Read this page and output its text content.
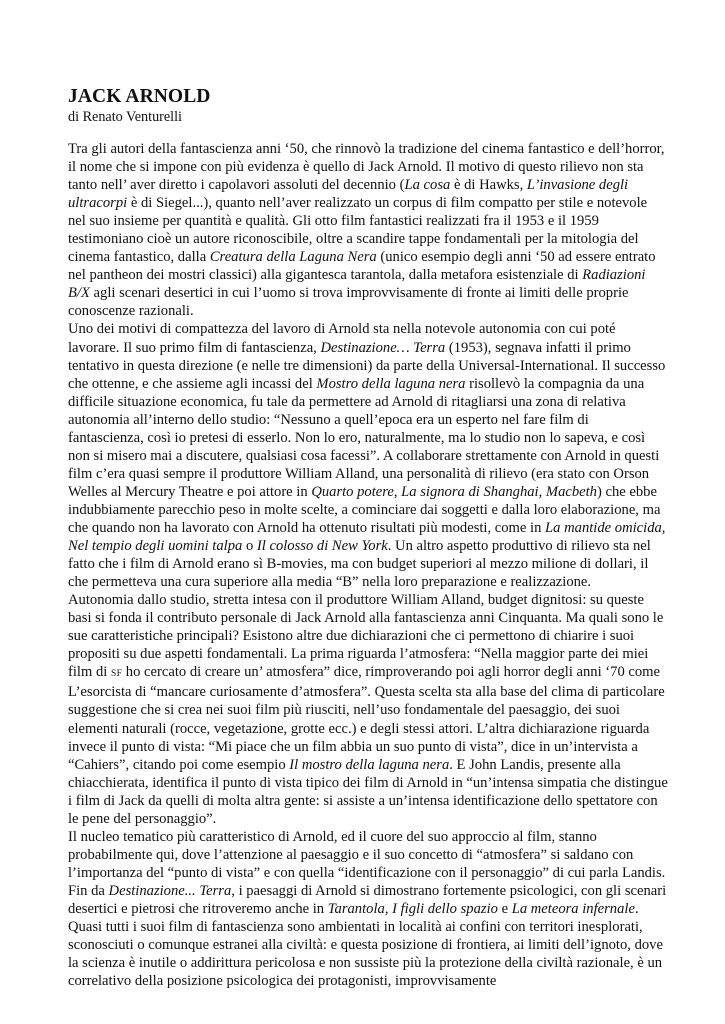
JACK ARNOLD
di Renato Venturelli

Tra gli autori della fantascienza anni ‘50, che rinnovò la tradizione del cinema fantastico e dell’horror, il nome che si impone con più evidenza è quello di Jack Arnold. Il motivo di questo rilievo non sta tanto nell’ aver diretto i capolavori assoluti del decennio (La cosa è di Hawks, L’invasione degli ultracorpi è di Siegel...), quanto nell’aver realizzato un corpus di film compatto per stile e notevole nel suo insieme per quantità e qualità. Gli otto film fantastici realizzati fra il 1953 e il 1959 testimoniano cioè un autore riconoscibile, oltre a scandire tappe fondamentali per la mitologia del cinema fantastico, dalla Creatura della Laguna Nera (unico esempio degli anni ‘50 ad essere entrato nel pantheon dei mostri classici) alla gigantesca tarantola, dalla metafora esistenziale di Radiazioni B/X agli scenari desertici in cui l’uomo si trova improvvisamente di fronte ai limiti delle proprie conoscenze razionali.

Uno dei motivi di compattezza del lavoro di Arnold sta nella notevole autonomia con cui poté lavorare. Il suo primo film di fantascienza, Destinazione… Terra (1953), segnava infatti il primo tentativo in questa direzione (e nelle tre dimensioni) da parte della Universal-International. Il successo che ottenne, e che assieme agli incassi del Mostro della laguna nera risollevò la compagnia da una difficile situazione economica, fu tale da permettere ad Arnold di ritagliarsi una zona di relativa autonomia all’interno dello studio: “Nessuno a quell’epoca era un esperto nel fare film di fantascienza, così io pretesi di esserlo. Non lo ero, naturalmente, ma lo studio non lo sapeva, e così non si misero mai a discutere, qualsiasi cosa facessi”. A collaborare strettamente con Arnold in questi film c’era quasi sempre il produttore William Alland, una personalità di rilievo (era stato con Orson Welles al Mercury Theatre e poi attore in Quarto potere, La signora di Shanghai, Macbeth) che ebbe indubbiamente parecchio peso in molte scelte, a cominciare dai soggetti e dalla loro elaborazione, ma che quando non ha lavorato con Arnold ha ottenuto risultati più modesti, come in La mantide omicida, Nel tempio degli uomini talpa o Il colosso di New York. Un altro aspetto produttivo di rilievo sta nel fatto che i film di Arnold erano sì B-movies, ma con budget superiori al mezzo milione di dollari, il che permetteva una cura superiore alla media “B” nella loro preparazione e realizzazione.

Autonomia dallo studio, stretta intesa con il produttore William Alland, budget dignitosi: su queste basi si fonda il contributo personale di Jack Arnold alla fantascienza anni Cinquanta. Ma quali sono le sue caratteristiche principali? Esistono altre due dichiarazioni che ci permettono di chiarire i suoi propositi su due aspetti fondamentali. La prima riguarda l’atmosfera: “Nella maggior parte dei miei film di SF ho cercato di creare un’ atmosfera” dice, rimproverando poi agli horror degli anni ‘70 come L’esorcista di “mancare curiosamente d’atmosfera”. Questa scelta sta alla base del clima di particolare suggestione che si crea nei suoi film più riusciti, nell’uso fondamentale del paesaggio, dei suoi elementi naturali (rocce, vegetazione, grotte ecc.) e degli stessi attori. L’altra dichiarazione riguarda invece il punto di vista: “Mi piace che un film abbia un suo punto di vista”, dice in un’intervista a “Cahiers”, citando poi come esempio Il mostro della laguna nera. E John Landis, presente alla chiacchierata, identifica il punto di vista tipico dei film di Arnold in “un’intensa simpatia che distingue i film di Jack da quelli di molta altra gente: si assiste a un’intensa identificazione dello spettatore con le pene del personaggio”.

Il nucleo tematico più caratteristico di Arnold, ed il cuore del suo approccio al film, stanno probabilmente qui, dove l’attenzione al paesaggio e il suo concetto di “atmosfera” si saldano con l’importanza del “punto di vista” e con quella “identificazione con il personaggio” di cui parla Landis. Fin da Destinazione... Terra, i paesaggi di Arnold si dimostrano fortemente psicologici, con gli scenari desertici e pietrosi che ritroveremo anche in Tarantola, I figli dello spazio e La meteora infernale. Quasi tutti i suoi film di fantascienza sono ambientati in località ai confini con territori inesplorati, sconosciuti o comunque estranei alla civiltà: e questa posizione di frontiera, ai limiti dell’ignoto, dove la scienza è inutile o addirittura pericolosa e non sussiste più la protezione della civiltà razionale, è un correlativo della posizione psicologica dei protagonisti, improvvisamente
